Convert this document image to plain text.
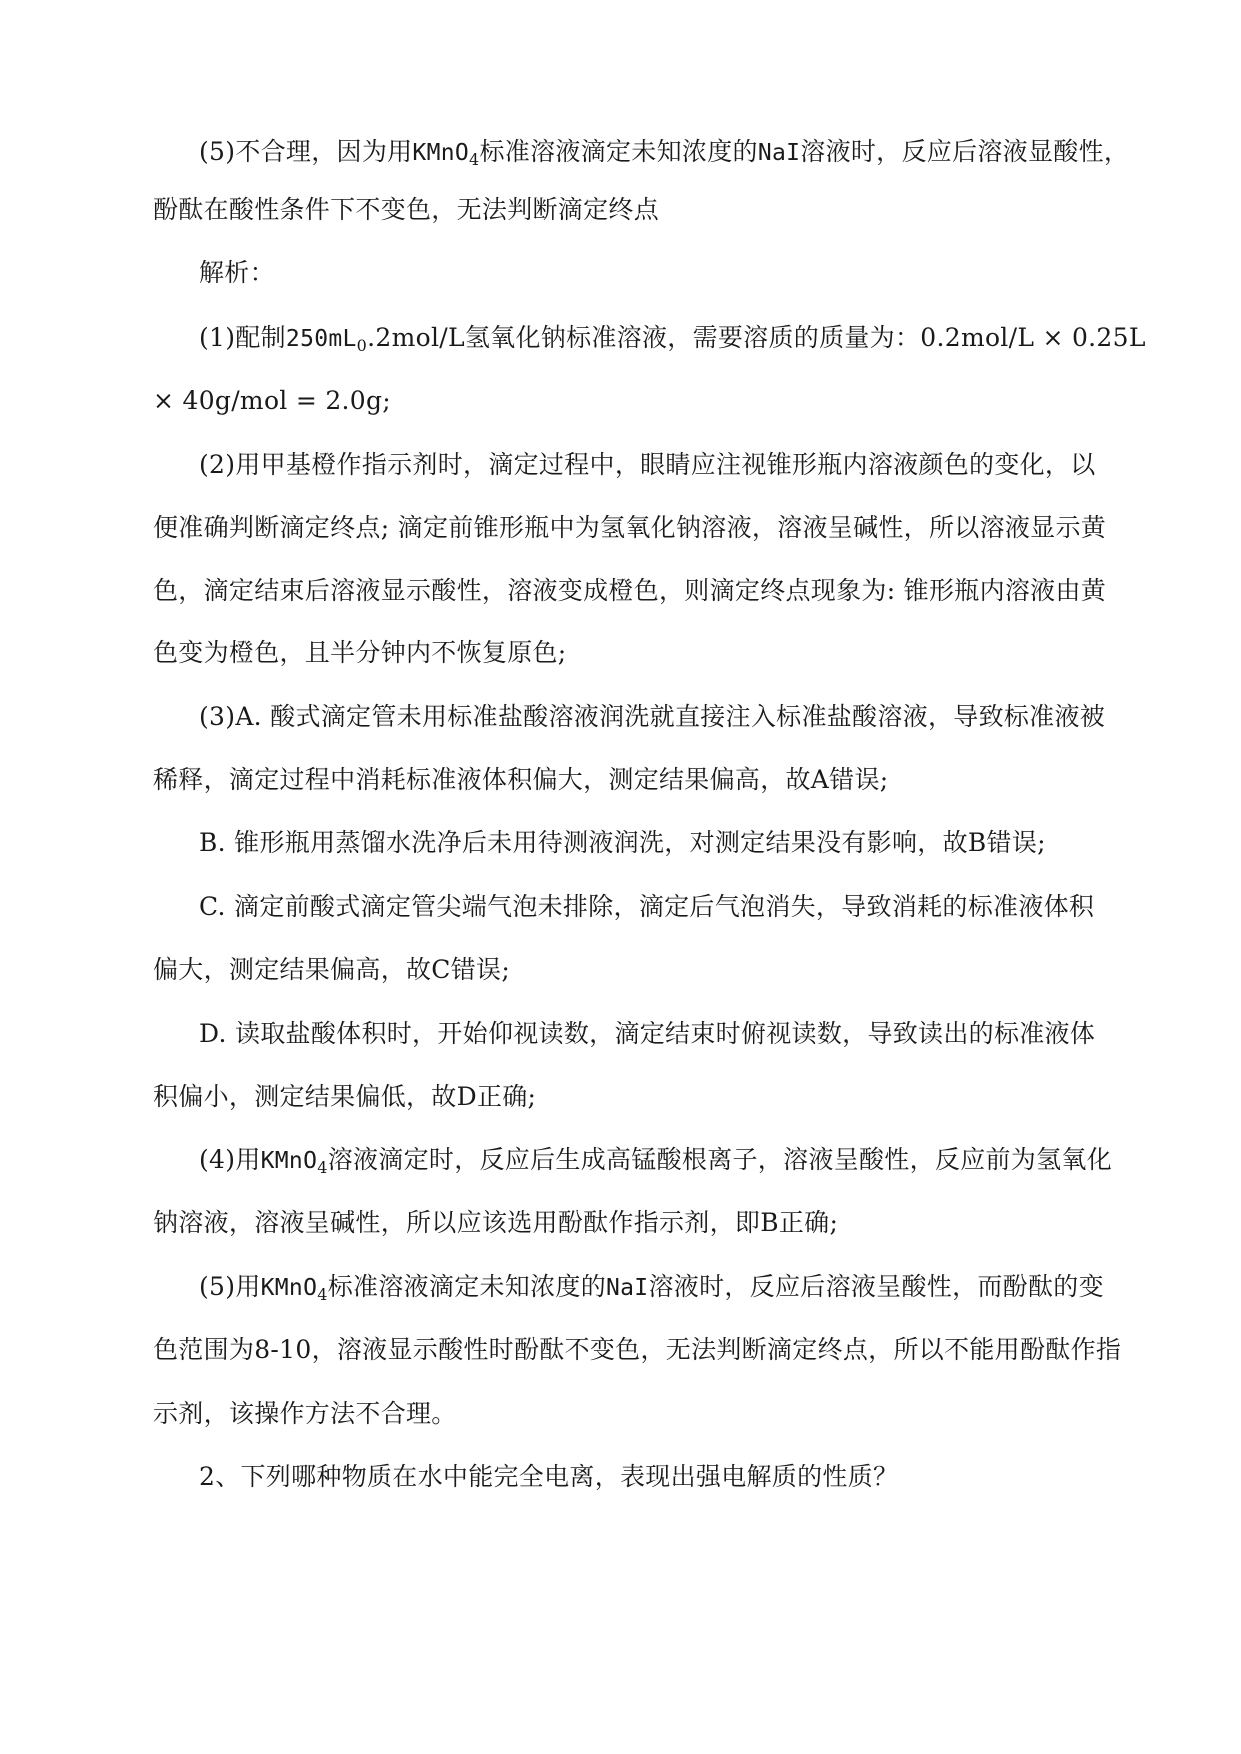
(5)不合理，因为用KMnO$_4$标准溶液滴定未知浓度的NaI溶液时，反应后溶液显酸性，
酚酞在酸性条件下不变色，无法判断滴定终点
解析：
(1)配制$250mL_0.2mol/L$氢氧化钠标准溶液，需要溶质的质量为：0.2mol/L × 0.25L
× 40g/mol = 2.0g;
(2)用甲基橙作指示剂时，滴定过程中，眼睛应注视锥形瓶内溶液颜色的变化，以
便准确判断滴定终点; 滴定前锥形瓶中为氢氧化钠溶液，溶液呈碱性，所以溶液显示黄
色，滴定结束后溶液显示酸性，溶液变成橙色，则滴定终点现象为: 锥形瓶内溶液由黄
色变为橙色，且半分钟内不恢复原色;
(3)A. 酸式滴定管未用标准盐酸溶液润洗就直接注入标准盐酸溶液，导致标准液被
稀释，滴定过程中消耗标准液体积偏大，测定结果偏高，故A错误;
B. 锥形瓶用蒸馏水洗净后未用待测液润洗，对测定结果没有影响，故B错误;
C. 滴定前酸式滴定管尖端气泡未排除，滴定后气泡消失，导致消耗的标准液体积
偏大，测定结果偏高，故C错误;
D. 读取盐酸体积时，开始仰视读数，滴定结束时俯视读数，导致读出的标准液体
积偏小，测定结果偏低，故D正确;
(4)用KMnO$_4$溶液滴定时，反应后生成高锰酸根离子，溶液呈酸性，反应前为氢氧化
钠溶液，溶液呈碱性，所以应该选用酚酞作指示剂，即B正确;
(5)用KMnO$_4$标准溶液滴定未知浓度的NaI溶液时，反应后溶液呈酸性，而酚酞的变
色范围为8-10，溶液显示酸性时酚酞不变色，无法判断滴定终点，所以不能用酚酞作指
示剂，该操作方法不合理。
2、下列哪种物质在水中能完全电离，表现出强电解质的性质？
